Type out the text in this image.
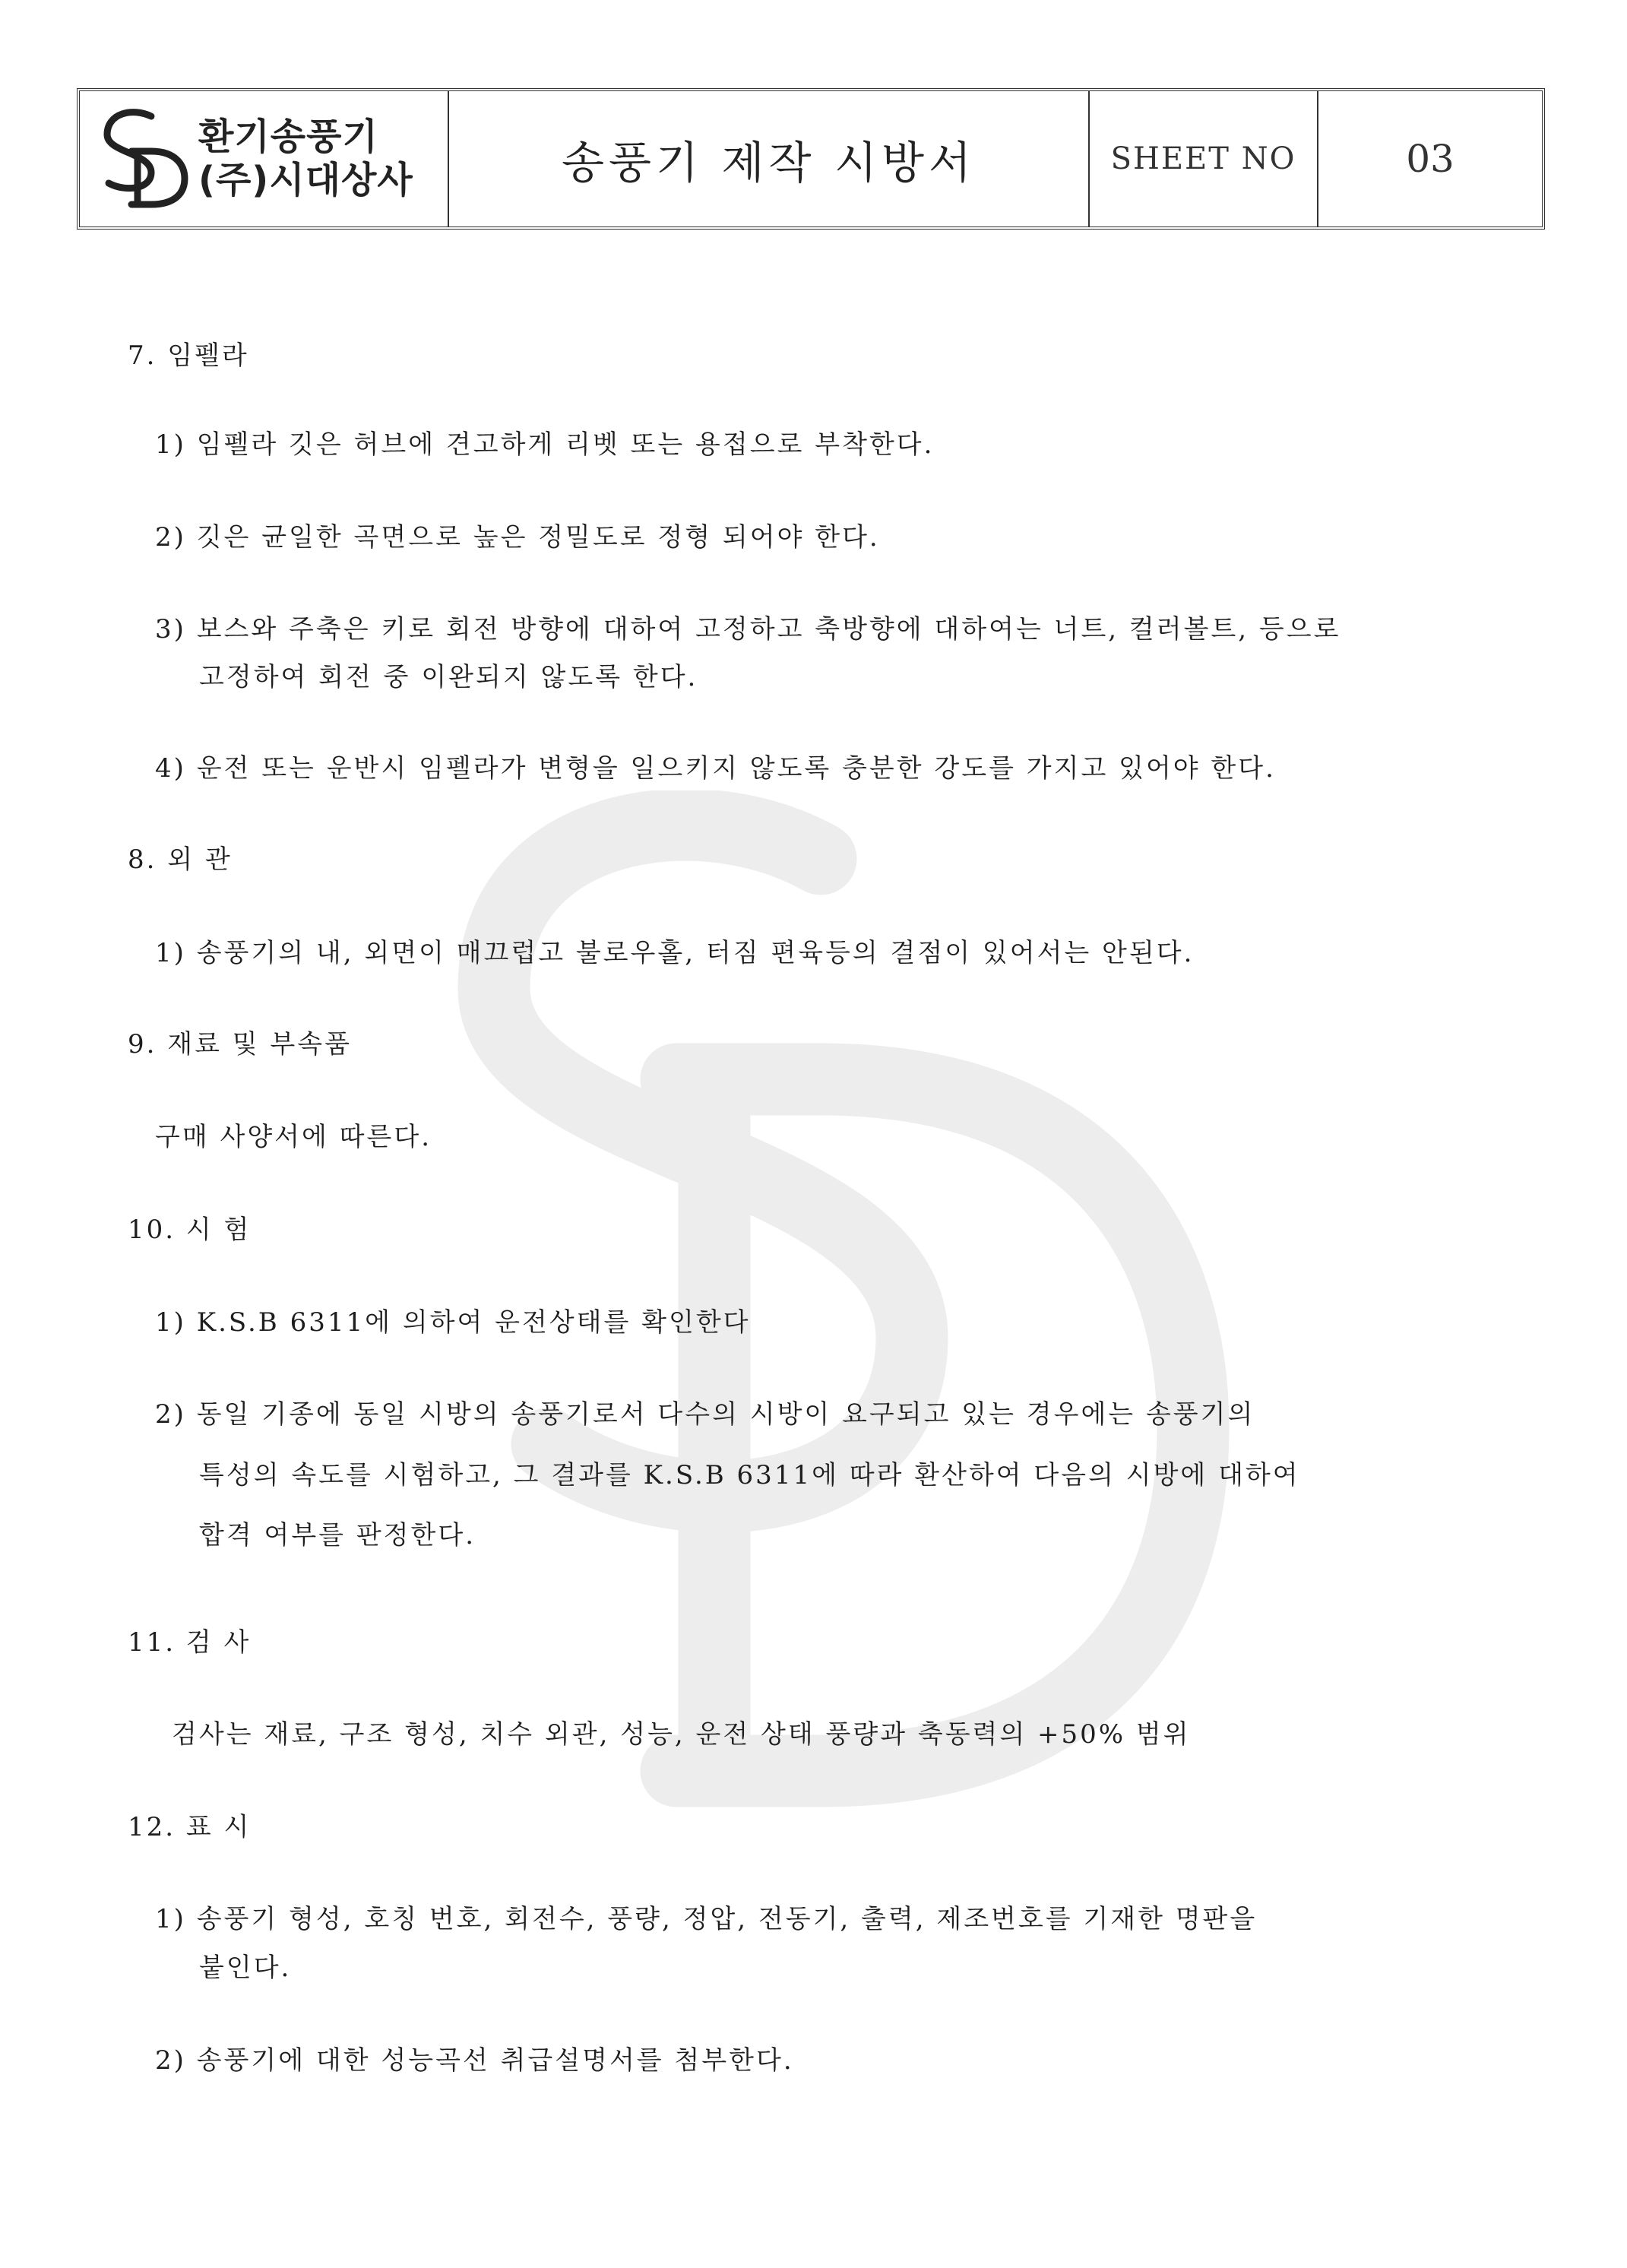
환기송풍기
(주)시대상사	송풍기 제작 시방서	SHEET NO	03
7. 임펠라
1) 임펠라 깃은 허브에 견고하게 리벳 또는 용접으로 부착한다.
2) 깃은 균일한 곡면으로 높은 정밀도로 정형 되어야 한다.
3) 보스와 주축은 키로 회전 방향에 대하여 고정하고 축방향에 대하여는 너트, 컬러볼트, 등으로
고정하여 회전 중 이완되지 않도록 한다.
4) 운전 또는 운반시 임펠라가 변형을 일으키지 않도록 충분한 강도를 가지고 있어야 한다.
8. 외 관
1) 송풍기의 내, 외면이 매끄럽고 불로우홀, 터짐 편육등의 결점이 있어서는 안된다.
9. 재료 및 부속품
구매 사양서에 따른다.
10. 시 험
1) K.S.B 6311에 의하여 운전상태를 확인한다
2) 동일 기종에 동일 시방의 송풍기로서 다수의 시방이 요구되고 있는 경우에는 송풍기의
특성의 속도를 시험하고, 그 결과를 K.S.B 6311에 따라 환산하여 다음의 시방에 대하여
합격 여부를 판정한다.
11. 검 사
검사는 재료, 구조 형성, 치수 외관, 성능, 운전 상태 풍량과 축동력의 +50% 범위
12. 표 시
1) 송풍기 형성, 호칭 번호, 회전수, 풍량, 정압, 전동기, 출력, 제조번호를 기재한 명판을
붙인다.
2) 송풍기에 대한 성능곡선 취급설명서를 첨부한다.
